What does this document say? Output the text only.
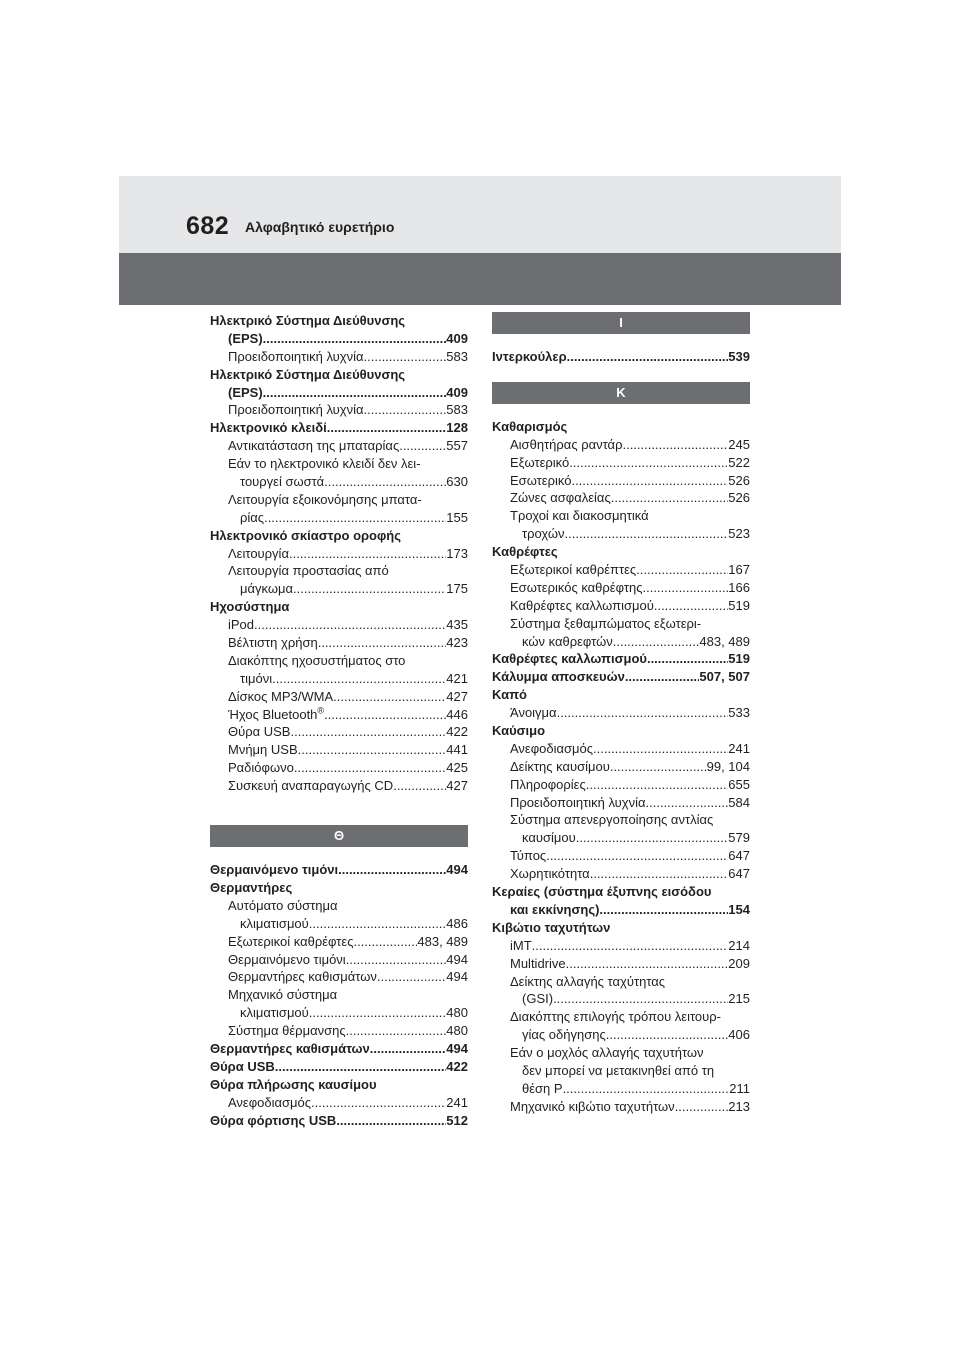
682 Αλφαβητικό ευρετήριο
Ηλεκτρικό Σύστημα Διεύθυνσης
(EPS) .....	409
Προειδοποιητική λυχνία .....	583
Ηλεκτρικό Σύστημα Διεύθυνσης
(EPS) .....	409
Προειδοποιητική λυχνία .....	583
Ηλεκτρονικό κλειδί .....	128
Αντικατάσταση της μπαταρίας .....	557
Εάν το ηλεκτρονικό κλειδί δεν λει-
τουργεί σωστά .....	630
Λειτουργία εξοικονόμησης μπατα-
ρίας .....	155
Ηλεκτρονικό σκίαστρο οροφής
Λειτουργία .....	173
Λειτουργία προστασίας από
μάγκωμα .....	175
Ηχοσύστημα
iPod .....	435
Βέλτιστη χρήση .....	423
Διακόπτης ηχοσυστήματος στο
τιμόνι .....	421
Δίσκος MP3/WMA .....	427
Ήχος Bluetooth® .....	446
Θύρα USB .....	422
Μνήμη USB .....	441
Ραδιόφωνο .....	425
Συσκευή αναπαραγωγής CD .....	427
Θ
Θερμαινόμενο τιμόνι .....	494
Θερμαντήρες
Αυτόματο σύστημα
κλιματισμού .....	486
Εξωτερικοί καθρέφτες .....	483, 489
Θερμαινόμενο τιμόνι .....	494
Θερμαντήρες καθισμάτων .....	494
Μηχανικό σύστημα
κλιματισμού .....	480
Σύστημα θέρμανσης .....	480
Θερμαντήρες καθισμάτων .....	494
Θύρα USB .....	422
Θύρα πλήρωσης καυσίμου
Ανεφοδιασμός .....	241
Θύρα φόρτισης USB .....	512
Ι
Ιντερκούλερ .....	539
Κ
Καθαρισμός
Αισθητήρας ραντάρ .....	245
Εξωτερικό .....	522
Εσωτερικό .....	526
Ζώνες ασφαλείας .....	526
Τροχοί και διακοσμητικά
τροχών .....	523
Καθρέφτες
Εξωτερικοί καθρέπτες .....	167
Εσωτερικός καθρέφτης .....	166
Καθρέφτες καλλωπισμού .....	519
Σύστημα ξεθαμπώματος εξωτερι-
κών καθρεφτών .....	483, 489
Καθρέφτες καλλωπισμού .....	519
Κάλυμμα αποσκευών .....	507, 507
Καπό
Άνοιγμα .....	533
Καύσιμο
Ανεφοδιασμός .....	241
Δείκτης καυσίμου .....	99, 104
Πληροφορίες .....	655
Προειδοποιητική λυχνία .....	584
Σύστημα απενεργοποίησης αντλίας
καυσίμου .....	579
Τύπος .....	647
Χωρητικότητα .....	647
Κεραίες (σύστημα έξυπνης εισόδου
και εκκίνησης) .....	154
Κιβώτιο ταχυτήτων
iMT .....	214
Multidrive .....	209
Δείκτης αλλαγής ταχύτητας
(GSI) .....	215
Διακόπτης επιλογής τρόπου λειτουρ-
γίας οδήγησης .....	406
Εάν ο μοχλός αλλαγής ταχυτήτων
δεν μπορεί να μετακινηθεί από τη
θέση P .....	211
Μηχανικό κιβώτιο ταχυτήτων .....	213
